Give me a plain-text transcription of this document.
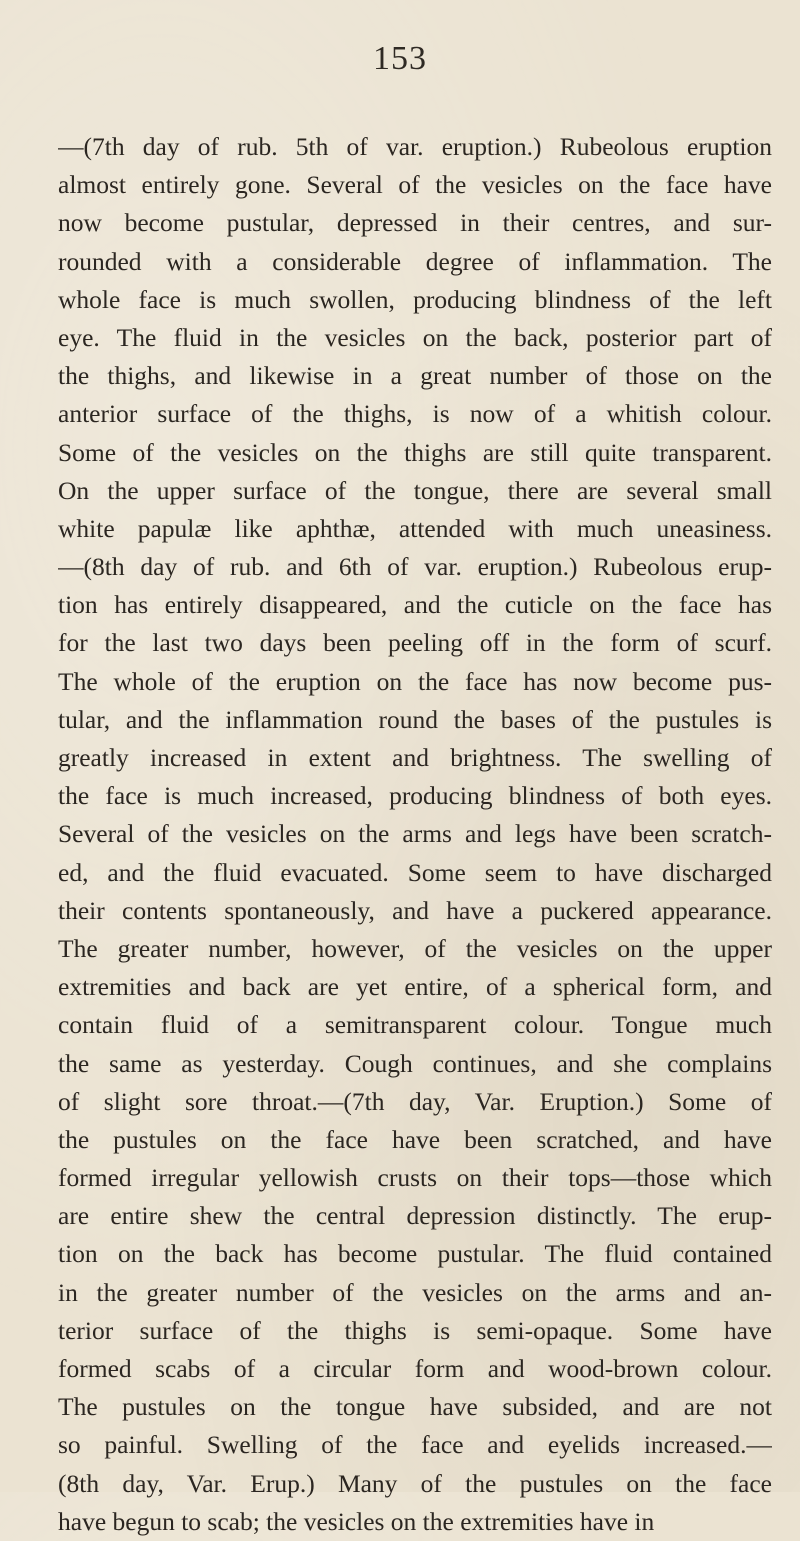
153
—(7th day of rub. 5th of var. eruption.) Rubeolous eruption
almost entirely gone. Several of the vesicles on the face have
now become pustular, depressed in their centres, and sur-
rounded with a considerable degree of inflammation. The
whole face is much swollen, producing blindness of the left
eye. The fluid in the vesicles on the back, posterior part of
the thighs, and likewise in a great number of those on the
anterior surface of the thighs, is now of a whitish colour.
Some of the vesicles on the thighs are still quite transparent.
On the upper surface of the tongue, there are several small
white papulæ like aphthæ, attended with much uneasiness.
—(8th day of rub. and 6th of var. eruption.) Rubeolous erup-
tion has entirely disappeared, and the cuticle on the face has
for the last two days been peeling off in the form of scurf.
The whole of the eruption on the face has now become pus-
tular, and the inflammation round the bases of the pustules is
greatly increased in extent and brightness. The swelling of
the face is much increased, producing blindness of both eyes.
Several of the vesicles on the arms and legs have been scratch-
ed, and the fluid evacuated. Some seem to have discharged
their contents spontaneously, and have a puckered appearance.
The greater number, however, of the vesicles on the upper
extremities and back are yet entire, of a spherical form, and
contain fluid of a semitransparent colour. Tongue much
the same as yesterday. Cough continues, and she complains
of slight sore throat.—(7th day, Var. Eruption.) Some of
the pustules on the face have been scratched, and have
formed irregular yellowish crusts on their tops—those which
are entire shew the central depression distinctly. The erup-
tion on the back has become pustular. The fluid contained
in the greater number of the vesicles on the arms and an-
terior surface of the thighs is semi-opaque. Some have
formed scabs of a circular form and wood-brown colour.
The pustules on the tongue have subsided, and are not
so painful. Swelling of the face and eyelids increased.—
(8th day, Var. Erup.) Many of the pustules on the face
have begun to scab; the vesicles on the extremities have in
